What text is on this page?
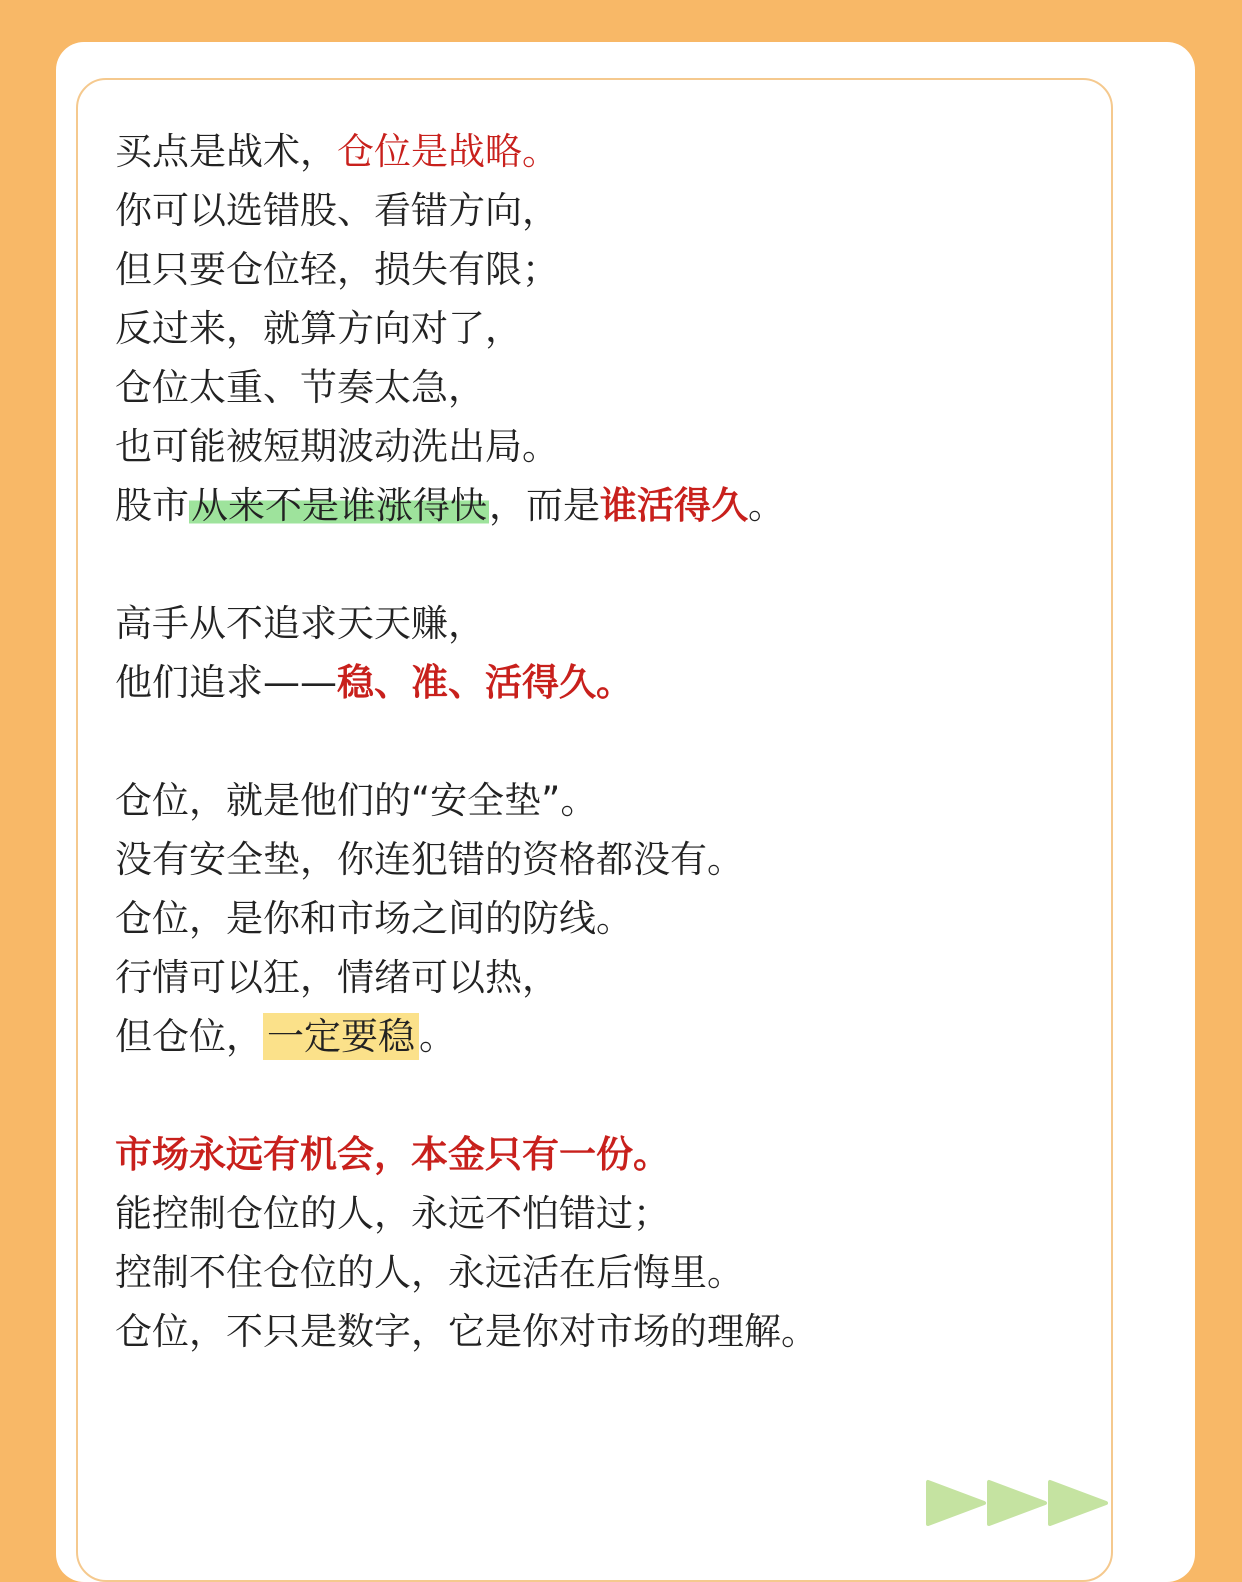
买点是战术，仓位是战略。
你可以选错股、看错方向，
但只要仓位轻，损失有限；
反过来，就算方向对了，
仓位太重、节奏太急，
也可能被短期波动洗出局。
股市从来不是谁涨得快，而是谁活得久。
高手从不追求天天赚，
他们追求——稳、准、活得久。
仓位，就是他们的“安全垫”。
没有安全垫，你连犯错的资格都没有。
仓位，是你和市场之间的防线。
行情可以狂，情绪可以热，
但仓位， 一定要稳 。
市场永远有机会，本金只有一份。
能控制仓位的人，永远不怕错过；
控制不住仓位的人，永远活在后悔里。
仓位，不只是数字，它是你对市场的理解。
